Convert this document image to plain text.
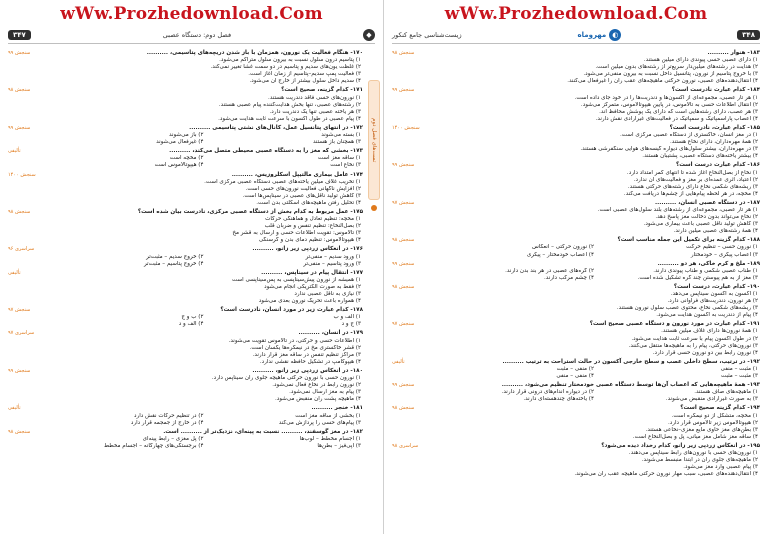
wWw.Prozhedownload.Com
۳۴۷	فصل دوم: دستگاه عصبی	◆
تست‌های فصل دوم
۱۷۰- هنگام فعالیت یک نورون، همزمان با باز شدن دریچه‌های پتاسیمی، ..........
سنجش ۹۹
۱) پتاسیم درون سلول نسبت به بیرون سلول متراکم می‌شود.
۲) غلظت یون‌های سدیم و پتاسیم در دو سمت غشا تغییر نمی‌کند.
۳) فعالیت پمپ سدیم–پتاسیم از زمان آغاز است.
۴) سدیم داخل سلول بیشتر از خارج آن می‌شود.
۱۷۱- کدام گزینه، صحیح است؟
سنجش ۹۸
۱) نورون‌های حسی فاقد دندریت هستند.
۲) رشته‌های عصبی، تنها بخش هدایت‌کننده پیام عصبی هستند.
۳) هر یاخته عصبی تنها یک دندریت دارد.
۴) پیام عصبی در طول آکسون با سرعت ثابت هدایت می‌شود.
۱۷۲- در انتهای پتانسیل عمل، کانال‌های نشتی پتاسیمی ..........
سنجش ۹۹
۱) بسته می‌شوند
۲) باز می‌شوند
۳) همچنان باز هستند
۴) غیرفعال می‌شوند
۱۷۳- بخشی که مغز را به دستگاه عصبی محیطی متصل می‌کند، ..........
تألیفی
۱) ساقه مغز است
۲) مخچه است
۳) نخاع است
۴) هیپوتالاموس است
۱۷۴- عامل بیماری مالتیپل اسکلروزیس، ..........
سنجش ۱۴۰۰
۱) تخریب غلاف میلین یاخته‌های عصبی دستگاه عصبی مرکزی است.
۲) افزایش ناگهانی فعالیت نورون‌های حسی است.
۳) کاهش تولید ناقل‌های عصبی در سیناپس‌ها است.
۴) تحلیل رفتن ماهیچه‌های اسکلتی بدن است.
۱۷۵- عمل مربوط به کدام بخش از دستگاه عصبی مرکزی، نادرست بیان شده است؟
سنجش ۹۸
۱) مخچه: تنظیم تعادل و هماهنگی حرکات
۲) بصل‌النخاع: تنظیم تنفس و ضربان قلب
۳) تالاموس: تقویت اطلاعات حسی و ارسال به قشر مخ
۴) هیپوتالاموس: تنظیم دمای بدن و گرسنگی
۱۷۶- در انعکاس زردپی زیر زانو، ..........
سراسری ۹۶
۱) ورود سدیم – منفی‌تر
۲) خروج سدیم – مثبت‌تر
۳) ورود پتاسیم – منفی‌تر
۴) خروج پتاسیم – مثبت‌تر
۱۷۷- انتقال پیام در سیناپس، ..........
تألیفی
۱) همیشه از نورون پیش‌سیناپسی به پس‌سیناپسی است
۲) فقط به صورت الکتریکی انجام می‌شود
۳) نیازی به ناقل عصبی ندارد
۴) همواره باعث تحریک نورون بعدی می‌شود
۱۷۸- کدام عبارت زیر در مورد انسان، نادرست است؟
سنجش ۹۷
۱) الف و ب
۲) ب و ج
۳) ج و د
۴) الف و د
۱۷۹- در انسان، ..........
سراسری ۹۷
۱) اطلاعات حسی و حرکتی، در تالاموس تقویت می‌شوند.
۲) قشر خاکستری مخ در نیمکره‌ها یکسان است.
۳) مراکز تنظیم تنفس در ساقه مغز قرار دارند.
۴) هیپوکامپ در تشکیل حافظه نقشی ندارد.
۱۸۰- در انعکاس زردپی زیر زانو، ..........
سنجش ۹۹
۱) نورون حسی با نورون حرکتی ماهیچه جلوی ران سیناپس دارد.
۲) نورون رابط در نخاع فعال نمی‌شود.
۳) پیام به مغز ارسال نمی‌شود.
۴) ماهیچه پشت ران منقبض می‌شود.
۱۸۱- خنجر ..........
تألیفی
۱) بخشی از ساقه مغز است
۲) در تنظیم حرکات نقش دارد
۳) پیام‌های حسی را پردازش می‌کند
۴) در خارج از جمجمه قرار دارد
۱۸۲- در مغز گوسفند، .......... نسبت به پینه‌ای، نزدیک‌تر از .......... است.
سنجش ۹۸
۱) اجسام مخطط – لوب‌ها
۲) پل مغزی – رابط پینه‌ای
۳) اپی‌فیز – بطن‌ها
۴) برجستگی‌های چهارگانه – اجسام مخطط
wWw.Prozhedownload.Com
زیست‌شناسی جامع کنکور	مهروماه ◐	۳۴۸
۱۸۳- هنوار ..........
سنجش ۹۸
۱) دارای عصبی حسی پیوندی دارای میلین هستند.
۲) هدایت در رشته‌های میلین‌دار سریع‌تر از رشته‌های بدون میلین است.
۳) با خروج پتاسیم از نورون، پتانسیل داخل نسبت به بیرون منفی‌تر می‌شود.
۴) انتقال‌دهنده‌های عصبی، نورون حرکتی ماهیچه‌های عقب ران را غیرفعال می‌کنند.
۱۸۴- کدام عبارت نادرست است؟
سنجش ۹۹
۱) هر تار عصبی، مجموعه‌ای از آکسون‌ها و دندریت‌ها را در خود جای داده است.
۲) انتقال اطلاعات حسی به تالاموس، در پایین هیپوتالاموس، متمرکز می‌شود.
۳) هر عصب، دارای رشته‌هایی است که دارای یک پوشش محافظ اند.
۴) اعصاب پاراسمپاتیک و سمپاتیک در فعالیت‌های غیرارادی نقش دارند.
۱۸۵- کدام عبارت، نادرست است؟
سنجش ۱۴۰۰
۱) در مغز انسان، خاکستری از دستگاه عصبی مرکزی است.
۲) همهٔ مهره‌داران، دارای نخاع هستند.
۳) در مهره‌داران، بیشتر سلول‌های دیواره گیسه‌های هوایی سنگفرشی هستند.
۴) بیشتر یاخته‌های دستگاه عصبی، پشتیبان هستند.
۱۸۶- کدام عبارت درست است؟
سنجش ۹۹
۱) نخاع از بصل‌النخاع آغاز شده تا انتهای کمر امتداد دارد.
۲) اعتیاد، اثری عمده‌ای بر مغز و فعالیت‌های آن ندارد.
۳) ریشه‌های شکمی نخاع دارای رشته‌های حرکتی هستند.
۴) مخچه، در هر لحظه پیام‌هایی از چشم‌ها دریافت می‌کند.
۱۸۷- در دستگاه عصبی انسان، ..........
سنجش ۹۷
۱) هر تار عصبی، مجموعه‌ای از رشته‌های بلند سلول‌های عصبی است.
۲) نخاع می‌تواند بدون دخالت مغز پاسخ دهد.
۳) کاهش تولید ناقل عصبی باعث بیماری می‌شود.
۴) همهٔ رشته‌های عصبی میلین دارند.
۱۸۸- کدام گزینه برای تکمیل این جمله مناسب است؟
سنجش ۹۸
۱) نورون حسی – تنظیم حرکت
۲) نورون حرکتی – انعکاس
۳) اعصاب پیکری – خودمختار
۴) اعصاب خودمختار – پیکری
۱۸۹- ملخ و کرم خاکی، هر دو ..........
سنجش ۹۹
۱) طناب عصبی شکمی و طناب پیوندی دارند.
۲) گره‌های عصبی در هر بند بدن دارند.
۳) مغز از به هم پیوستن چند گره تشکیل شده است.
۴) چشم مرکب دارند.
۱۹۰- کدام عبارت، درست است؟
سنجش ۹۸
۱) آکسون به آکسون سیناپس می‌دهد.
۲) هر نورون، دندریت‌های فراوانی دارد.
۳) ریشه‌های شکمی نخاع، محتوی عصب سلول نورون هستند.
۴) پیام از دندریت به آکسون هدایت می‌شود.
۱۹۱- کدام عبارت در مورد نورون و دستگاه عصبی صحیح است؟
سنجش ۹۷
۱) همهٔ نورون‌ها دارای غلاف میلین هستند.
۲) در طول آکسون پیام با سرعت ثابت هدایت می‌شود.
۳) نورون‌های حرکتی، پیام را به ماهیچه‌ها منتقل می‌کنند.
۴) نورون رابط بین دو نورون حسی قرار دارد.
۱۹۲- در ترتیب، سطح داخلی عصب و سطح خارجی آکسون در حالت استراحت به ترتیب ..........
تألیفی
۱) مثبت – منفی
۲) منفی – مثبت
۳) مثبت – مثبت
۴) منفی – منفی
۱۹۳- همهٔ ماهیچه‌هایی که اعصاب آن‌ها توسط دستگاه عصبی خودمختار تنظیم می‌شود، ..........
سنجش ۹۹
۱) ماهیچه‌های صاف هستند.
۲) در دیواره اندام‌های درونی قرار دارند.
۳) به صورت غیرارادی منقبض می‌شوند.
۴) یاخته‌های چندهسته‌ای دارند.
۱۹۴- کدام گزینه صحیح است؟
سنجش ۹۸
۱) مخچه، متشکل از دو نیمکره است.
۲) هیپوتالاموس زیر تالاموس قرار دارد.
۳) بطن‌های مغز حاوی مایع مغزی–نخاعی هستند.
۴) ساقه مغز شامل مغز میانی، پل و بصل‌النخاع است.
۱۹۵- در انعکاس زردپی زیر زانو، کدام رخداد دیده می‌شود؟
سراسری ۹۸
۱) نورون‌های حسی با نورون‌های رابط سیناپس می‌دهند.
۲) ماهیچه‌های جلوی ران در ابتدا منبسط می‌شوند.
۳) پیام عصبی وارد مغز می‌شود.
۴) انتقال‌دهنده‌های عصبی، سبب مهار نورون حرکتی ماهیچه عقب ران می‌شوند.
